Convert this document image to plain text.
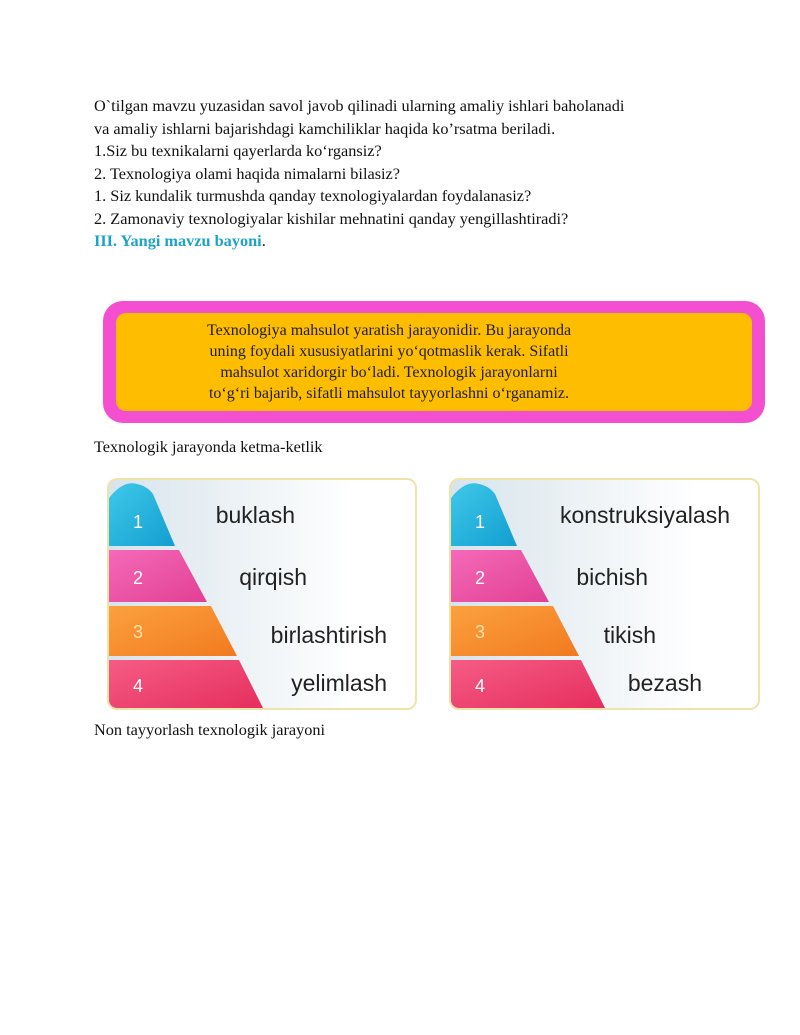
O`tilgan mavzu yuzasidan savol javob qilinadi ularning amaliy ishlari baholanadi
va amaliy ishlarni bajarishdagi kamchiliklar haqida ko’rsatma beriladi.
1.Siz bu texnikalarni qayerlarda ko‘rgansiz?
2. Texnologiya olami haqida nimalarni bilasiz?
1. Siz kundalik turmushda qanday texnologiyalardan foydalanasiz?
2. Zamonaviy texnologiyalar kishilar mehnatini qanday yengillashtiradi?
III. Yangi mavzu bayoni.
Texnologiya mahsulot yaratish jarayonidir. Bu jarayonda
uning foydali xususiyatlarini yo‘qotmaslik kerak. Sifatli
mahsulot xaridorgir bo‘ladi. Texnologik jarayonlarni
to‘g‘ri bajarib, sifatli mahsulot tayyorlashni o‘rganamiz.
Texnologik jarayonda ketma-ketlik
1
2
3
4
buklash
qirqish
birlashtirish
yelimlash
1
2
3
4
konstruksiyalash
bichish
tikish
bezash
Non tayyorlash texnologik jarayoni
